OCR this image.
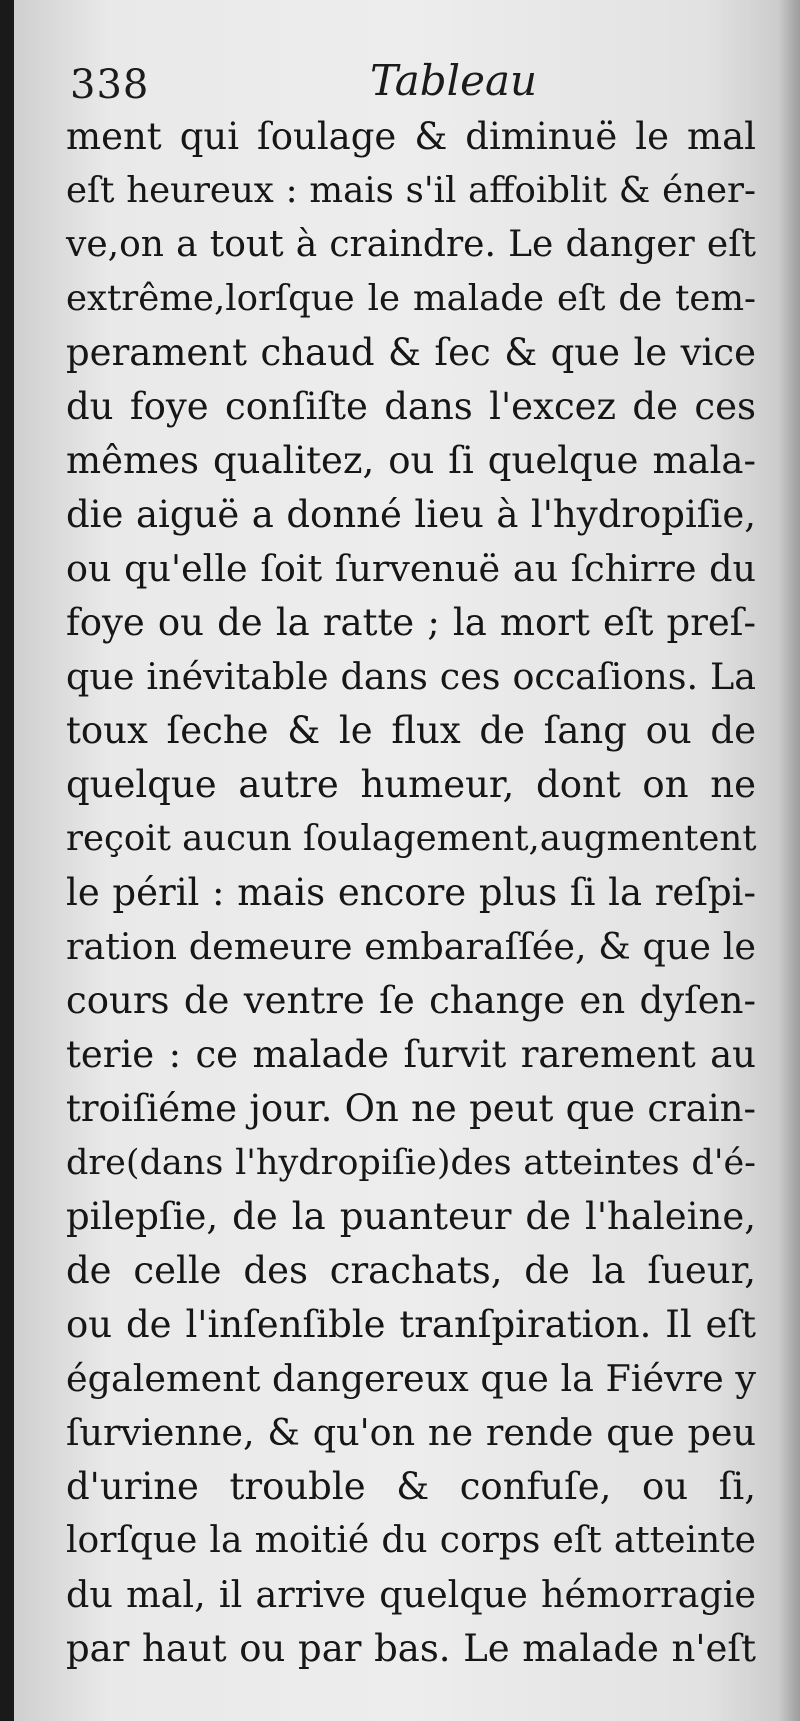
338	Tableau
ment qui ſoulage & diminuë le mal
eſt heureux : mais s'il affoiblit & éner-
ve,on a tout à craindre. Le danger eſt
extrême,lorſque le malade eſt de tem-
perament chaud & ſec & que le vice
du foye conſiſte dans l'excez de ces
mêmes qualitez, ou ſi quelque mala-
die aiguë a donné lieu à l'hydropiſie,
ou qu'elle ſoit ſurvenuë au ſchirre du
foye ou de la ratte ; la mort eſt preſ-
que inévitable dans ces occaſions. La
toux ſeche & le flux de ſang ou de
quelque autre humeur, dont on ne
reçoit aucun ſoulagement,augmentent
le péril : mais encore plus ſi la reſpi-
ration demeure embaraſſée, & que le
cours de ventre ſe change en dyſen-
terie : ce malade ſurvit rarement au
troiſiéme jour. On ne peut que crain-
dre(dans l'hydropiſie)des atteintes d'é-
pilepſie, de la puanteur de l'haleine,
de celle des crachats, de la ſueur,
ou de l'inſenſible tranſpiration. Il eſt
également dangereux que la Fiévre y
ſurvienne, & qu'on ne rende que peu
d'urine trouble & confuſe, ou ſi,
lorſque la moitié du corps eſt atteinte
du mal, il arrive quelque hémorragie
par haut ou par bas. Le malade n'eſt
